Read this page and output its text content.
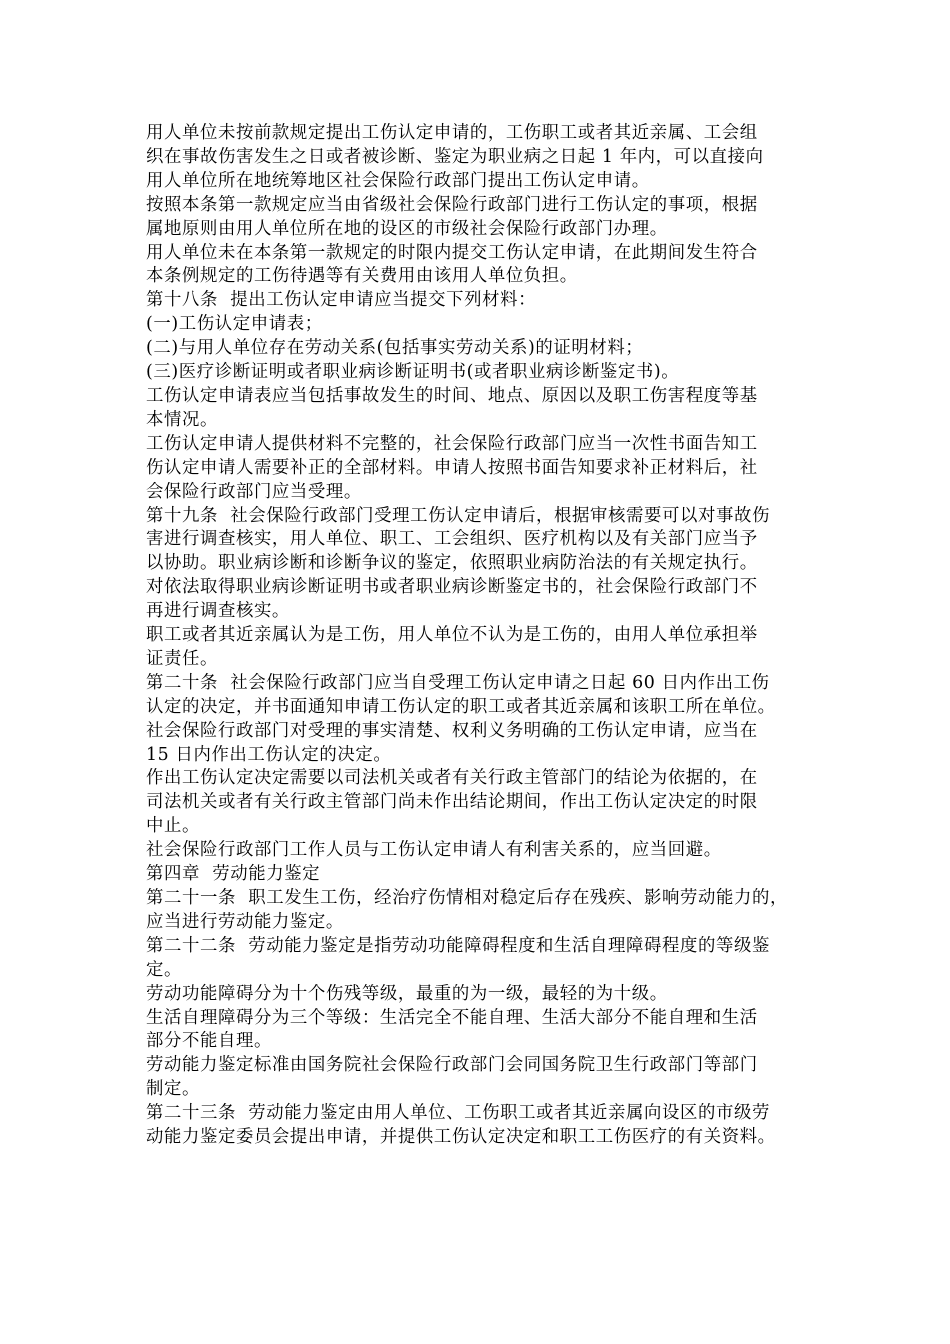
用人单位未按前款规定提出工伤认定申请的，工伤职工或者其近亲属、工会组
织在事故伤害发生之日或者被诊断、鉴定为职业病之日起 1 年内，可以直接向
用人单位所在地统筹地区社会保险行政部门提出工伤认定申请。

按照本条第一款规定应当由省级社会保险行政部门进行工伤认定的事项，根据
属地原则由用人单位所在地的设区的市级社会保险行政部门办理。

用人单位未在本条第一款规定的时限内提交工伤认定申请，在此期间发生符合
本条例规定的工伤待遇等有关费用由该用人单位负担。

第十八条  提出工伤认定申请应当提交下列材料：

(一)工伤认定申请表；

(二)与用人单位存在劳动关系(包括事实劳动关系)的证明材料；

(三)医疗诊断证明或者职业病诊断证明书(或者职业病诊断鉴定书)。

工伤认定申请表应当包括事故发生的时间、地点、原因以及职工伤害程度等基
本情况。

工伤认定申请人提供材料不完整的，社会保险行政部门应当一次性书面告知工
伤认定申请人需要补正的全部材料。申请人按照书面告知要求补正材料后，社
会保险行政部门应当受理。

第十九条  社会保险行政部门受理工伤认定申请后，根据审核需要可以对事故伤
害进行调查核实，用人单位、职工、工会组织、医疗机构以及有关部门应当予
以协助。职业病诊断和诊断争议的鉴定，依照职业病防治法的有关规定执行。
对依法取得职业病诊断证明书或者职业病诊断鉴定书的，社会保险行政部门不
再进行调查核实。

职工或者其近亲属认为是工伤，用人单位不认为是工伤的，由用人单位承担举
证责任。

第二十条  社会保险行政部门应当自受理工伤认定申请之日起 60 日内作出工伤
认定的决定，并书面通知申请工伤认定的职工或者其近亲属和该职工所在单位。

社会保险行政部门对受理的事实清楚、权利义务明确的工伤认定申请，应当在
15 日内作出工伤认定的决定。

作出工伤认定决定需要以司法机关或者有关行政主管部门的结论为依据的，在
司法机关或者有关行政主管部门尚未作出结论期间，作出工伤认定决定的时限
中止。

社会保险行政部门工作人员与工伤认定申请人有利害关系的，应当回避。

第四章  劳动能力鉴定

第二十一条  职工发生工伤，经治疗伤情相对稳定后存在残疾、影响劳动能力的，
应当进行劳动能力鉴定。

第二十二条  劳动能力鉴定是指劳动功能障碍程度和生活自理障碍程度的等级鉴
定。

劳动功能障碍分为十个伤残等级，最重的为一级，最轻的为十级。

生活自理障碍分为三个等级：生活完全不能自理、生活大部分不能自理和生活
部分不能自理。

劳动能力鉴定标准由国务院社会保险行政部门会同国务院卫生行政部门等部门
制定。

第二十三条  劳动能力鉴定由用人单位、工伤职工或者其近亲属向设区的市级劳
动能力鉴定委员会提出申请，并提供工伤认定决定和职工工伤医疗的有关资料。
